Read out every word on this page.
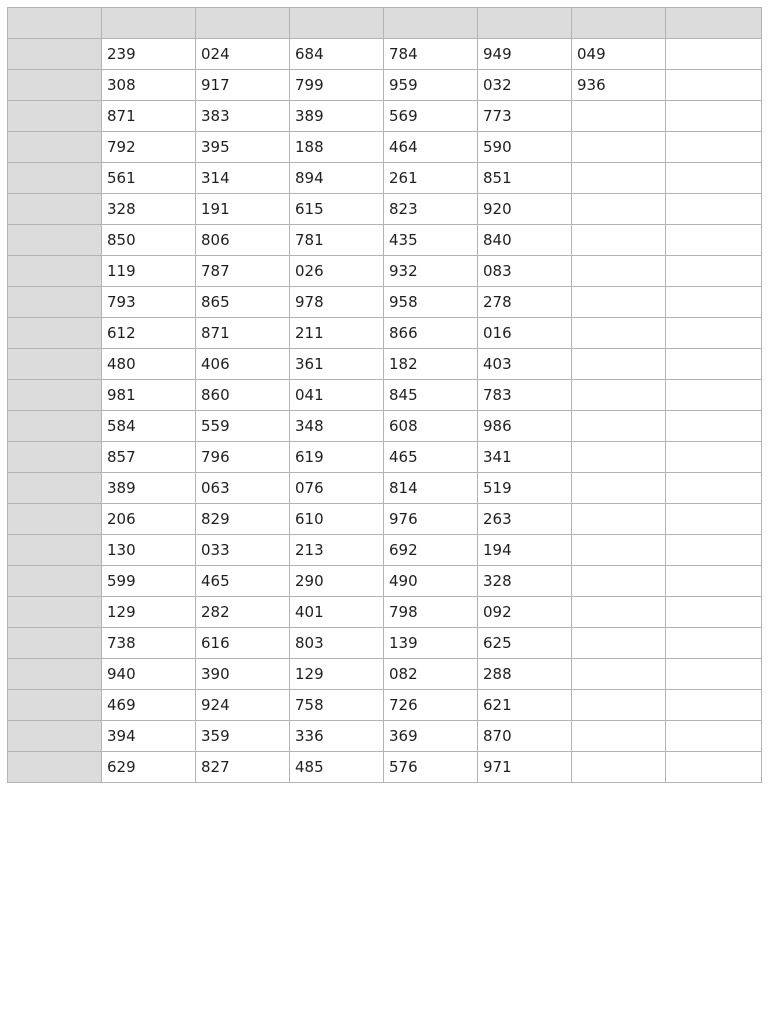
	239	024	684	784	949	049	
	308	917	799	959	032	936	
	871	383	389	569	773		
	792	395	188	464	590		
	561	314	894	261	851		
	328	191	615	823	920		
	850	806	781	435	840		
	119	787	026	932	083		
	793	865	978	958	278		
	612	871	211	866	016		
	480	406	361	182	403		
	981	860	041	845	783		
	584	559	348	608	986		
	857	796	619	465	341		
	389	063	076	814	519		
	206	829	610	976	263		
	130	033	213	692	194		
	599	465	290	490	328		
	129	282	401	798	092		
	738	616	803	139	625		
	940	390	129	082	288		
	469	924	758	726	621		
	394	359	336	369	870		
	629	827	485	576	971		
